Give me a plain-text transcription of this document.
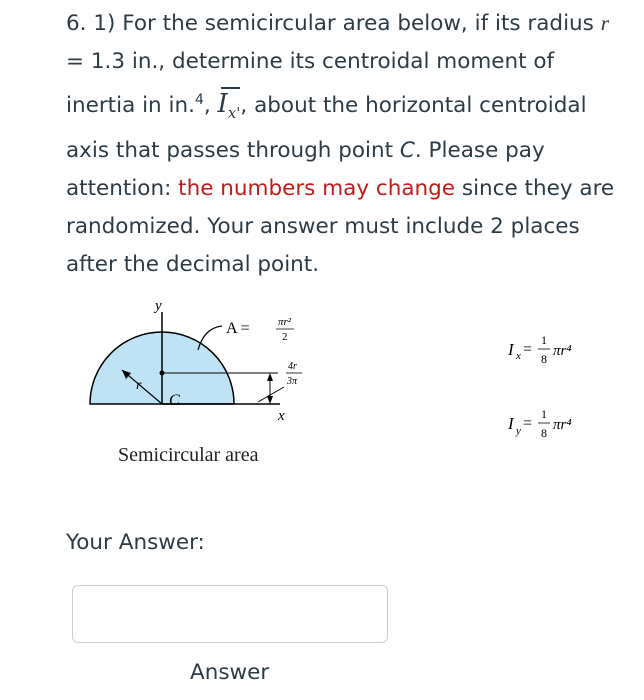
6. 1) For the semicircular area below, if its radius r = 1.3 in., determine its centroidal moment of inertia in in.$^4$, $I_{x'}$, about the horizontal centroidal axis that passes through point C. Please pay attention: the numbers may change since they are randomized. Your answer must include 2 places after the decimal point.
y
x
r
C
A =	πr²
2
4r
3π
I x =
1
8 πr⁴
I y =
1
8 πr⁴
Semicircular area
Your Answer:
Answer
